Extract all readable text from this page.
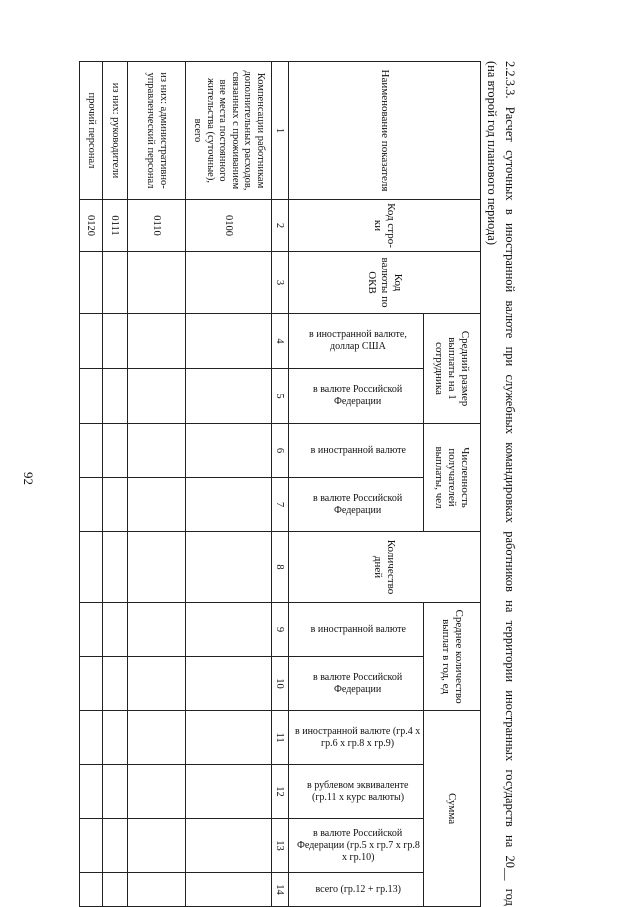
92
2.2.3.3.
Расчет
суточных
в
иностранной
валюте
при
служебных
командировках
работников
на
территории
иностранных
государств
на
20__
год
(на второй год планового периода)
Наименование показателя	Код стро-ки	Код валюты по ОКВ	Средний размер выплаты на 1 сотрудника		Численность получателей выплаты, чел		Количество дней	Среднее количество выплат в год, ед		Сумма			
			в иностранной валюте, доллар США	в валюте Российской Федерации	в иностранной валюте	в валюте Российской Федерации		в иностранной валюте	в валюте Российской Федерации	в иностранной валюте (гр.4 х гр.6 х гр.8 х гр.9)	в рублевом эквиваленте (гр.11 х курс валюты)	в валюте Российской Федерации (гр.5 х гр.7 х гр.8 х гр.10)	всего (гр.12 + гр.13)
1	2	3	4	5	6	7	8	9	10	11	12	13	14
Компенсации работникам дополнительных расходов, связанных с проживанием вне места постоянного жительства (суточные), всего	0100												
из них: административно-управленческий персонал	0110												
из них: руководители	0111												
прочий персонал	0120												
